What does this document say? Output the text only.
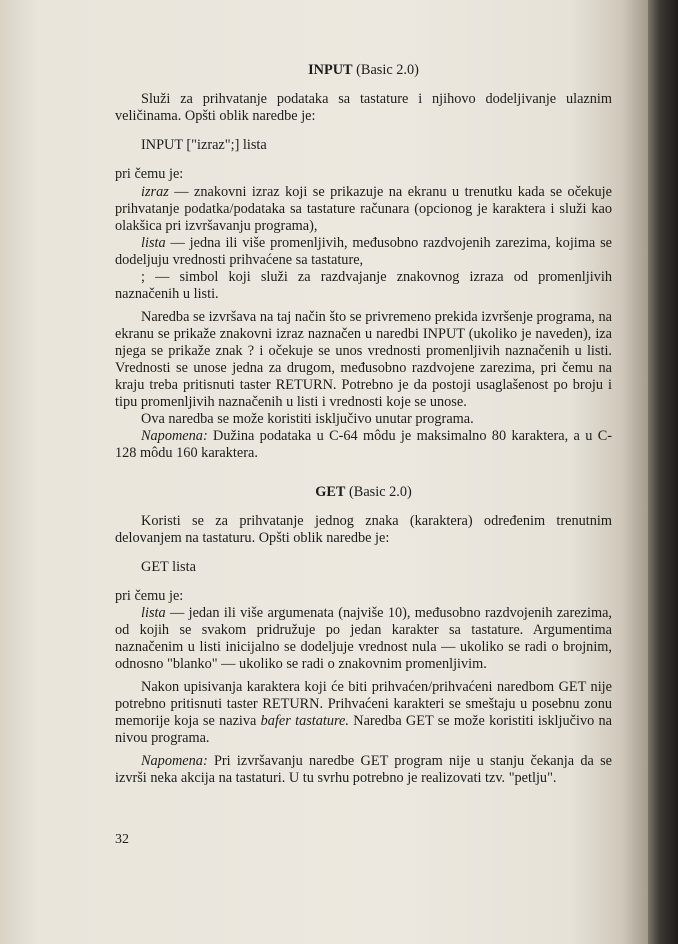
INPUT (Basic 2.0)

Služi za prihvatanje podataka sa tastature i njihovo dodeljivanje ulaznim veličinama. Opšti oblik naredbe je:

INPUT ["izraz";] lista

pri čemu je:

izraz — znakovni izraz koji se prikazuje na ekranu u trenutku kada se očekuje prihvatanje podatka/podataka sa tastature računara (opcionog je karaktera i služi kao olakšica pri izvršavanju programa),

lista — jedna ili više promenljivih, međusobno razdvojenih zarezima, kojima se dodeljuju vrednosti prihvaćene sa tastature,

; — simbol koji služi za razdvajanje znakovnog izraza od promenljivih naznačenih u listi.

Naredba se izvršava na taj način što se privremeno prekida izvršenje programa, na ekranu se prikaže znakovni izraz naznačen u naredbi INPUT (ukoliko je naveden), iza njega se prikaže znak ? i očekuje se unos vrednosti promenljivih naznačenih u listi. Vrednosti se unose jedna za drugom, međusobno razdvojene zarezima, pri čemu na kraju treba pritisnuti taster RETURN. Potrebno je da postoji usaglašenost po broju i tipu promenljivih naznačenih u listi i vrednosti koje se unose.

Ova naredba se može koristiti isključivo unutar programa.

Napomena: Dužina podataka u C-64 môdu je maksimalno 80 karaktera, a u C-128 môdu 160 karaktera.

GET (Basic 2.0)

Koristi se za prihvatanje jednog znaka (karaktera) određenim trenutnim delovanjem na tastaturu. Opšti oblik naredbe je:

GET lista

pri čemu je:

lista — jedan ili više argumenata (najviše 10), međusobno razdvojenih zarezima, od kojih se svakom pridružuje po jedan karakter sa tastature. Argumentima naznačenim u listi inicijalno se dodeljuje vrednost nula — ukoliko se radi o brojnim, odnosno "blanko" — ukoliko se radi o znakovnim promenljivim.

Nakon upisivanja karaktera koji će biti prihvaćen/prihvaćeni naredbom GET nije potrebno pritisnuti taster RETURN. Prihvaćeni karakteri se smeštaju u posebnu zonu memorije koja se naziva bafer tastature. Naredba GET se može koristiti isključivo na nivou programa.

Napomena: Pri izvršavanju naredbe GET program nije u stanju čekanja da se izvrši neka akcija na tastaturi. U tu svrhu potrebno je realizovati tzv. "petlju".

32
